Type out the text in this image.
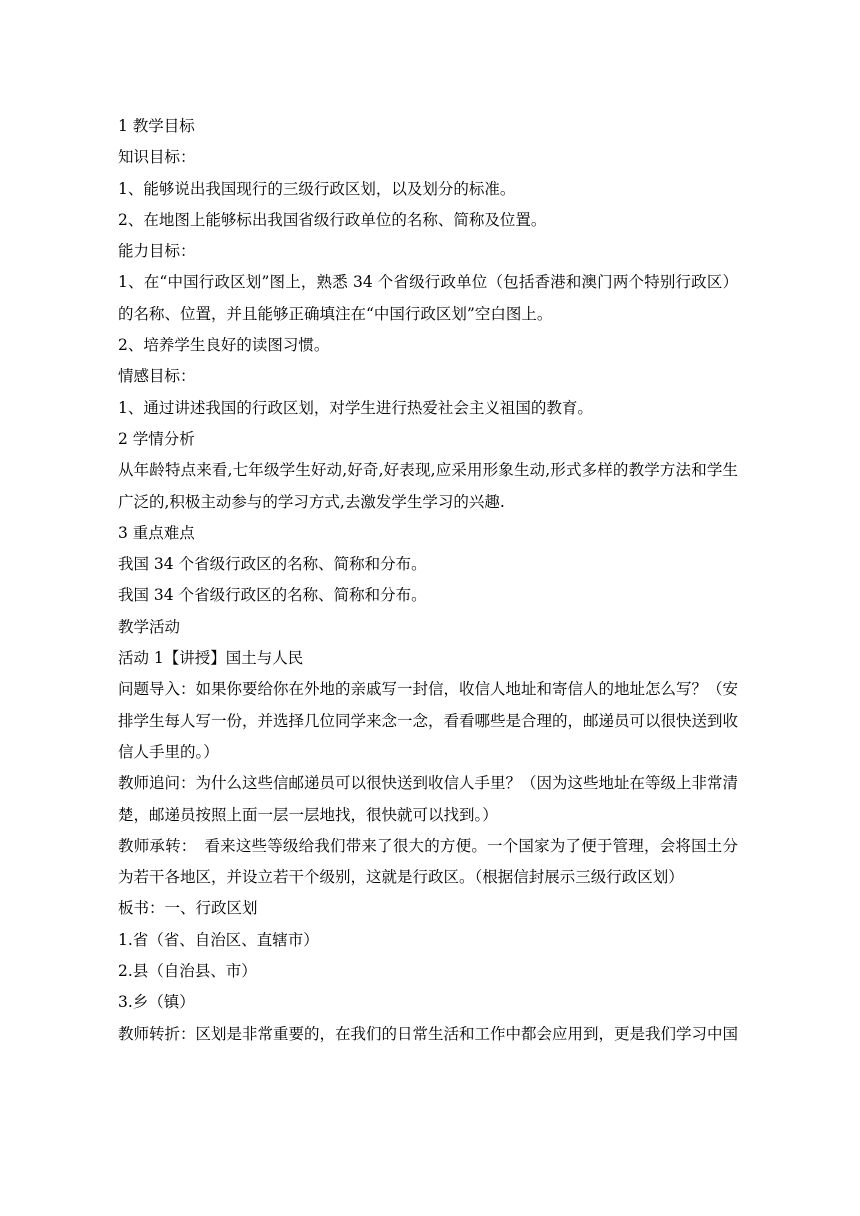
1 教学目标

知识目标：

1、能够说出我国现行的三级行政区划，以及划分的标准。

2、在地图上能够标出我国省级行政单位的名称、简称及位置。

能力目标：

1、在“中国行政区划”图上，熟悉 34 个省级行政单位（包括香港和澳门两个特别行政区）的名称、位置，并且能够正确填注在“中国行政区划”空白图上。

2、培养学生良好的读图习惯。

情感目标：

1、通过讲述我国的行政区划，对学生进行热爱社会主义祖国的教育。

2 学情分析

从年龄特点来看,七年级学生好动,好奇,好表现,应采用形象生动,形式多样的教学方法和学生广泛的,积极主动参与的学习方式,去激发学生学习的兴趣.

3 重点难点

我国 34 个省级行政区的名称、简称和分布。

我国 34 个省级行政区的名称、简称和分布。

教学活动

活动 1【讲授】国土与人民

问题导入：如果你要给你在外地的亲戚写一封信，收信人地址和寄信人的地址怎么写？（安排学生每人写一份，并选择几位同学来念一念，看看哪些是合理的，邮递员可以很快送到收信人手里的。）

教师追问：为什么这些信邮递员可以很快送到收信人手里？（因为这些地址在等级上非常清楚，邮递员按照上面一层一层地找，很快就可以找到。）

教师承转：　看来这些等级给我们带来了很大的方便。一个国家为了便于管理，会将国土分为若干各地区，并设立若干个级别，这就是行政区。（根据信封展示三级行政区划）

板书：一、行政区划

1.省（省、自治区、直辖市）

2.县（自治县、市）

3.乡（镇）

教师转折：区划是非常重要的，在我们的日常生活和工作中都会应用到，更是我们学习中国
